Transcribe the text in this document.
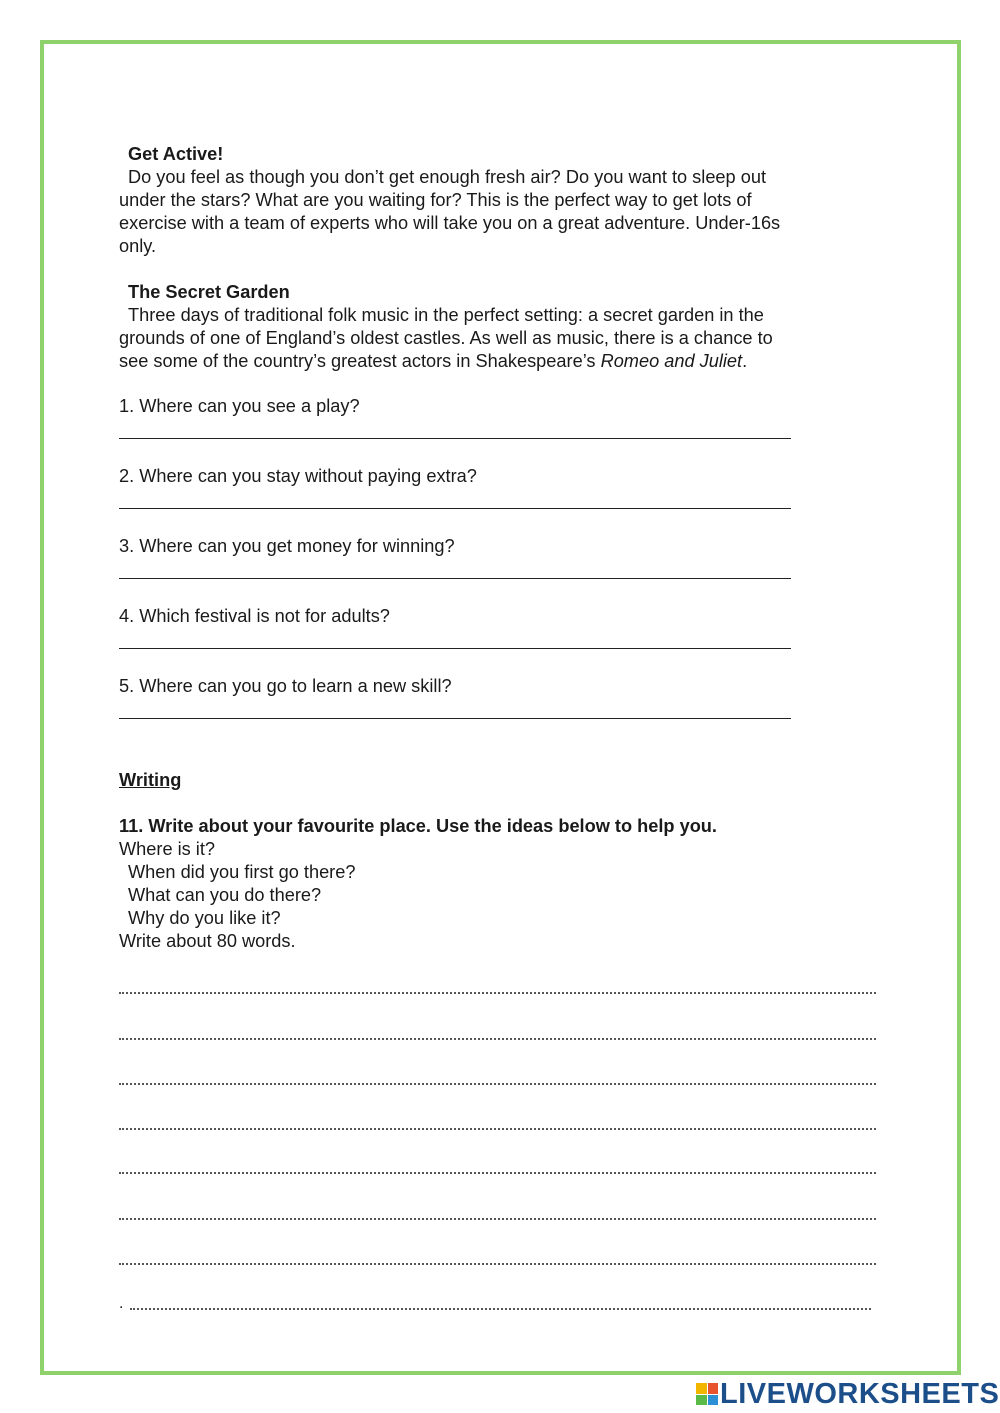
Get Active!

Do you feel as though you don’t get enough fresh air? Do you want to sleep out
under the stars? What are you waiting for? This is the perfect way to get lots of
exercise with a team of experts who will take you on a great adventure. Under-16s
only.

The Secret Garden

Three days of traditional folk music in the perfect setting: a secret garden in the
grounds of one of England’s oldest castles. As well as music, there is a chance to
see some of the country’s greatest actors in Shakespeare’s Romeo and Juliet.

1. Where can you see a play?

2. Where can you stay without paying extra?

3. Where can you get money for winning?

4. Which festival is not for adults?

5. Where can you go to learn a new skill?

Writing
11. Write about your favourite place. Use the ideas below to help you.
Where is it?
When did you first go there?
What can you do there?
Why do you like it?
Write about 80 words.
.
LIVEWORKSHEETS
